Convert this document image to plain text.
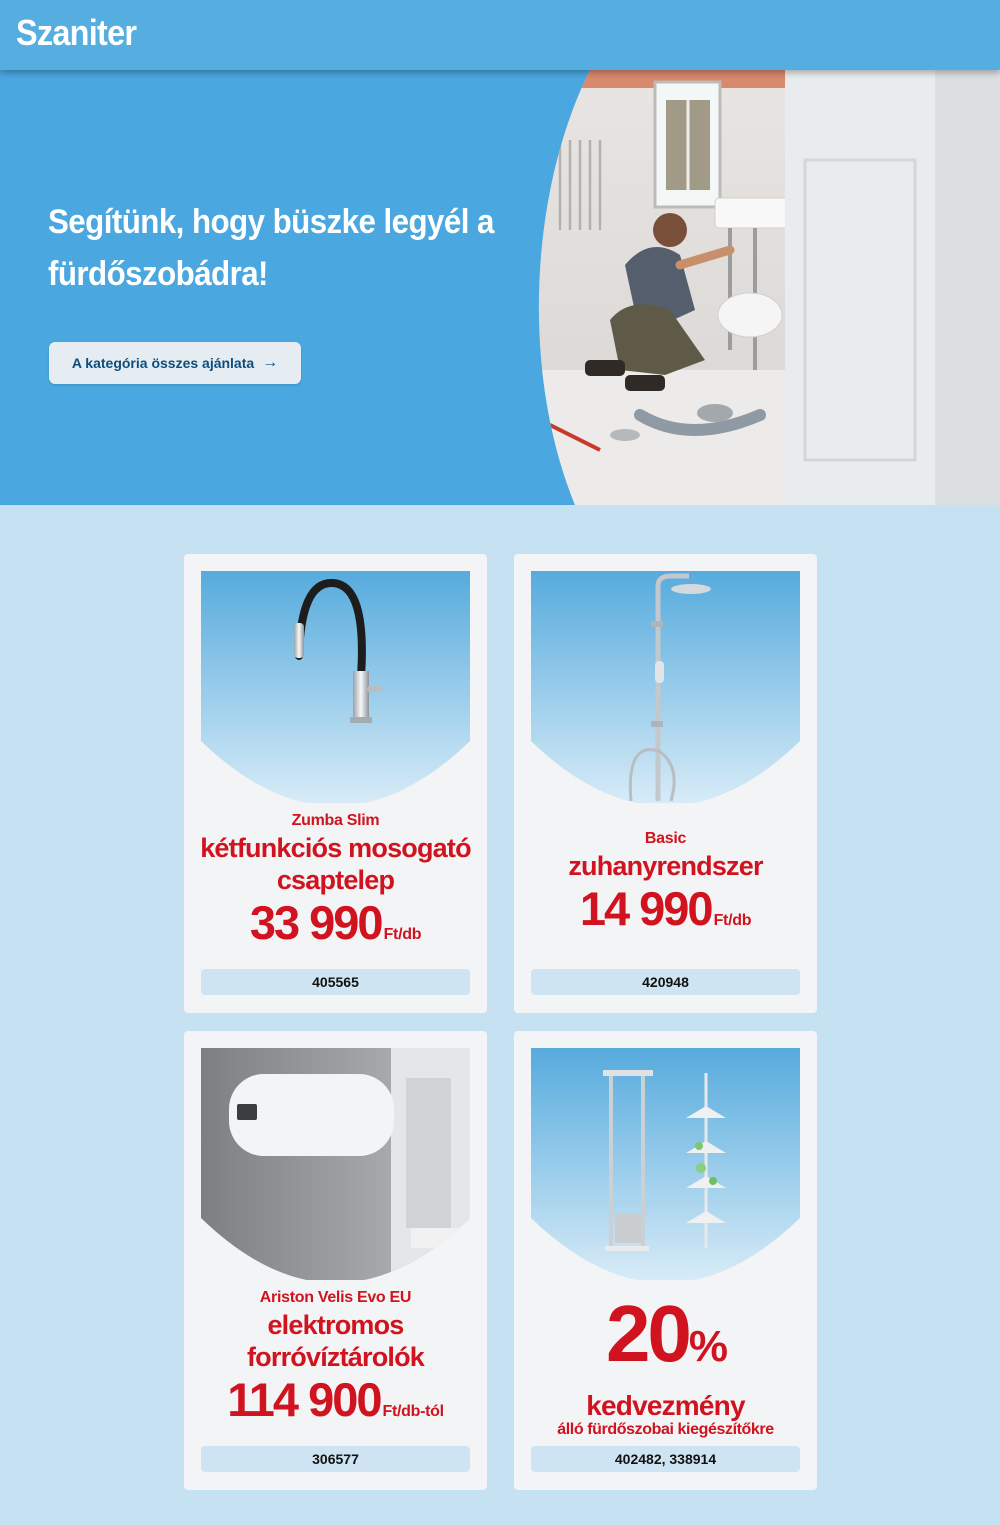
Szaniter
Segítünk, hogy büszke legyél a fürdőszobádra!
A kategória összes ajánlata →
Zumba Slim
kétfunkciós mosogató
csaptelep
33 990 Ft/db
405565
Basic
zuhanyrendszer
14 990 Ft/db
420948
Ariston Velis Evo EU
elektromos
forróvíztárolók
114 900 Ft/db-tól
306577
20%
kedvezmény
álló fürdőszobai kiegészítőkre
402482, 338914
